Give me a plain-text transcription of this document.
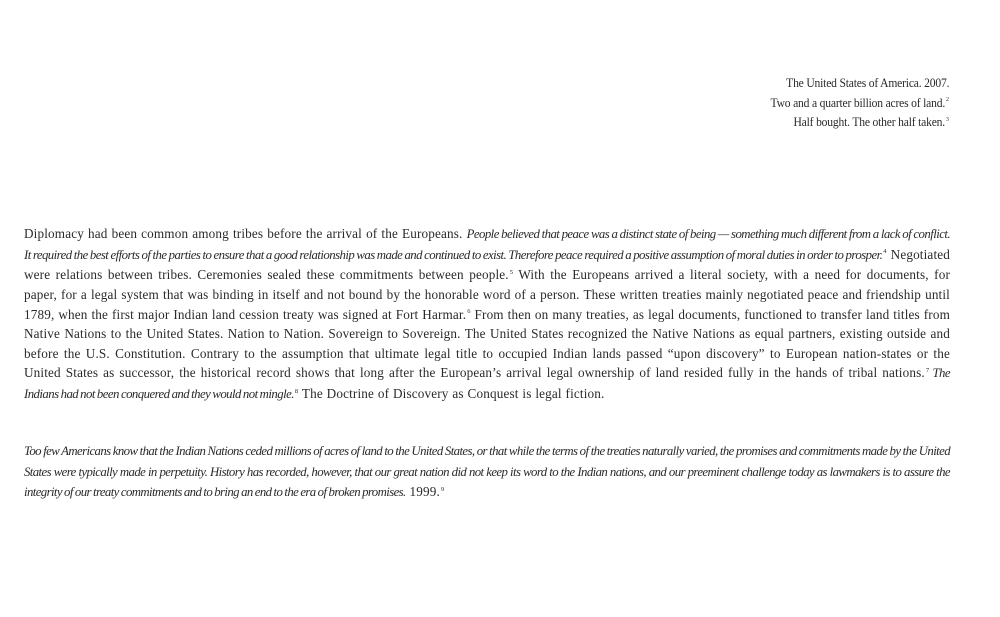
The United States of America. 2007.
Two and a quarter billion acres of land.$^2$
Half bought. The other half taken.$^3$

Diplomacy had been common among tribes before the arrival of the Europeans. People believed that peace was a distinct state of being — something much different from a lack of conflict. It required the best efforts of the parties to ensure that a good relationship was made and continued to exist. Therefore peace required a positive assumption of moral duties in order to prosper.$^4$ Negotiated were relations between tribes. Ceremonies sealed these commitments between people.$^5$ With the Europeans arrived a literal society, with a need for documents, for paper, for a legal system that was binding in itself and not bound by the honorable word of a person. These written treaties mainly negotiated peace and friendship until 1789, when the first major Indian land cession treaty was signed at Fort Harmar.$^6$ From then on many treaties, as legal documents, functioned to transfer land titles from Native Nations to the United States. Nation to Nation. Sovereign to Sovereign. The United States recognized the Native Nations as equal partners, existing outside and before the U.S. Constitution. Contrary to the assumption that ultimate legal title to occupied Indian lands passed “upon discovery” to European nation-states or the United States as successor, the historical record shows that long after the European’s arrival legal ownership of land resided fully in the hands of tribal nations.$^7$ The Indians had not been conquered and they would not mingle.$^8$ The Doctrine of Discovery as Conquest is legal fiction.

Too few Americans know that the Indian Nations ceded millions of acres of land to the United States, or that while the terms of the treaties naturally varied, the promises and commitments made by the United States were typically made in perpetuity. History has recorded, however, that our great nation did not keep its word to the Indian nations, and our preeminent challenge today as lawmakers is to assure the integrity of our treaty commitments and to bring an end to the era of broken promises. 1999.$^9$
